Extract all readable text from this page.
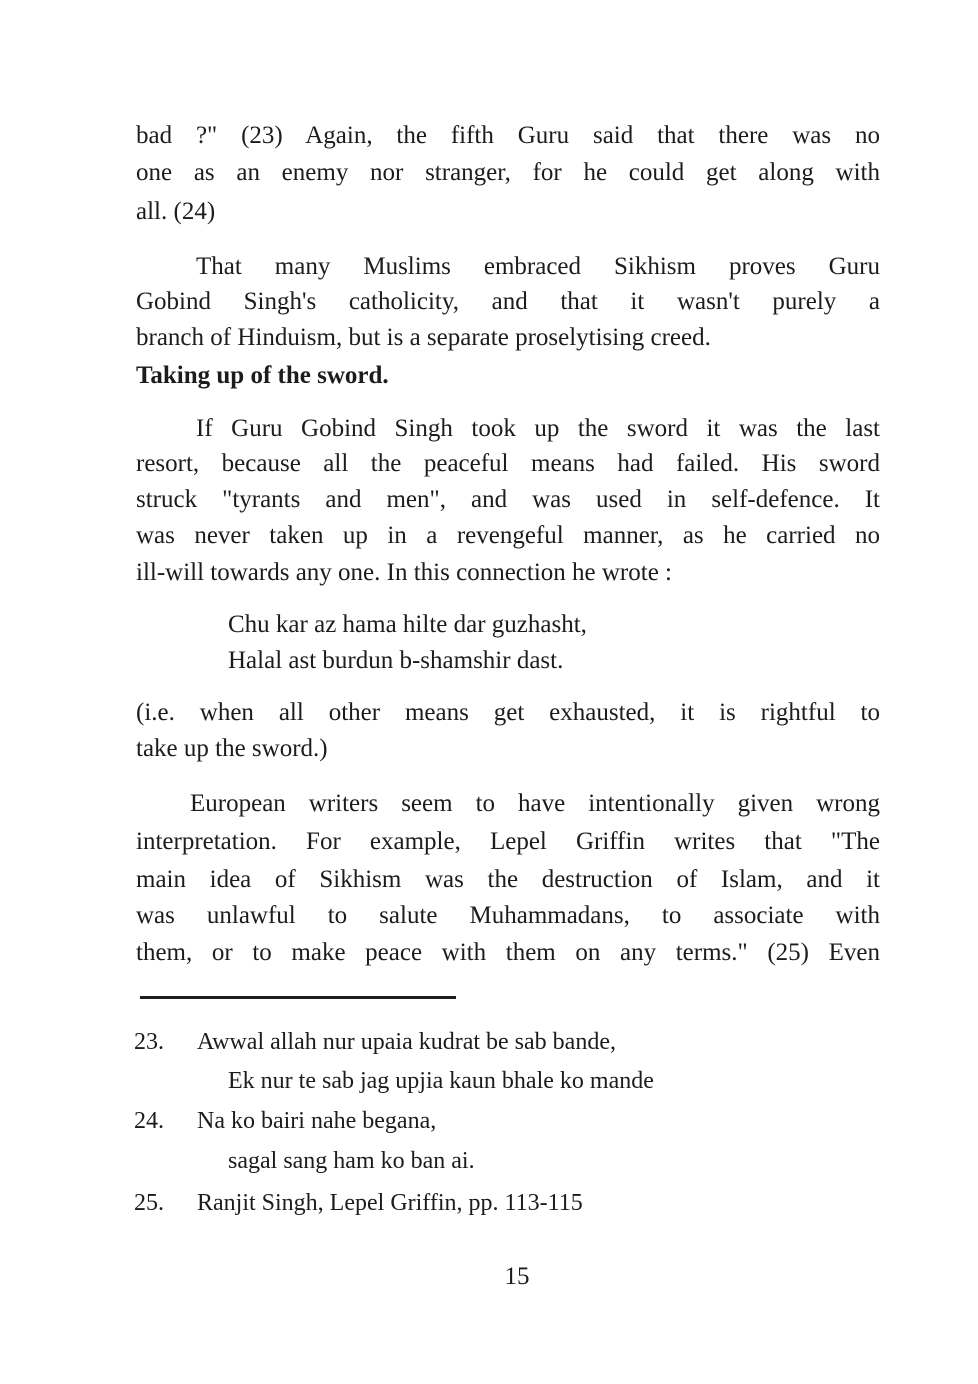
bad ?" (23) Again, the fifth Guru said that there was no
one as an enemy nor stranger, for he could get along with
all. (24)
That many Muslims embraced Sikhism proves Guru
Gobind Singh's catholicity, and that it wasn't purely a
branch of Hinduism, but is a separate proselytising creed.
Taking up of the sword.
If Guru Gobind Singh took up the sword it was the last
resort, because all the peaceful means had failed. His sword
struck "tyrants and men", and was used in self-defence. It
was never taken up in a revengeful manner, as he carried no
ill-will towards any one. In this connection he wrote :
Chu kar az hama hilte dar guzhasht,
Halal ast burdun b-shamshir dast.
(i.e. when all other means get exhausted, it is rightful to
take up the sword.)
European writers seem to have intentionally given wrong
interpretation. For example, Lepel Griffin writes that "The
main idea of Sikhism was the destruction of Islam, and it
was unlawful to salute Muhammadans, to associate with
them, or to make peace with them on any terms." (25) Even
23. Awwal allah nur upaia kudrat be sab bande,
Ek nur te sab jag upjia kaun bhale ko mande
24. Na ko bairi nahe begana,
sagal sang ham ko ban ai.
25. Ranjit Singh, Lepel Griffin, pp. 113-115
15
